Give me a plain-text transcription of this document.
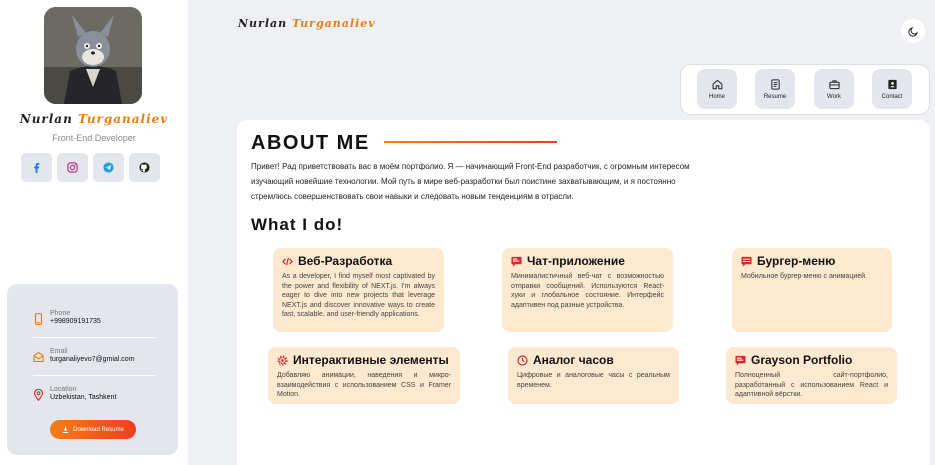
Nurlan Turganaliev
Front-End Developer
Phone
+998909191735
Email
turganaliyevo7@gmial.com
Location
Uzbekistan, Tashkent
Download Resume
Nurlan Turganaliev
Home	Resume	Work	Contact
ABOUT ME

Привет! Рад приветствовать вас в моём портфолио. Я — начинающий Front-End разработчик, с огромным интересом изучающий новейшие технологии. Мой путь в мире веб-разработки был поистине захватывающим, и я постоянно стремлюсь совершенствовать свои навыки и следовать новым тенденциям в отрасли.

What I do!
Веб-Разработка
As a developer, I find myself most captivated by the power and flexibility of NEXT.js. I'm always eager to dive into new projects that leverage NEXT.js and discover innovative ways to create fast, scalable, and user-friendly applications.
Чат-приложение
Минималистичный веб-чат с возможностью отправки сообщений. Используются React-хуки и глобальное состояние. Интерфейс адаптивен под разные устройства.
Бургер-меню
Мобильное бургер-меню с анимацией.
Интерактивные элементы
Добавляю анимации, наведения и микро-взаимодействия с использованием CSS и Framer Motion.
Аналог часов
Цифровые и аналоговые часы с реальным временем.
Grayson Portfolio
Полноценный сайт-портфолио, разработанный с использованием React и адаптивной вёрстки.
